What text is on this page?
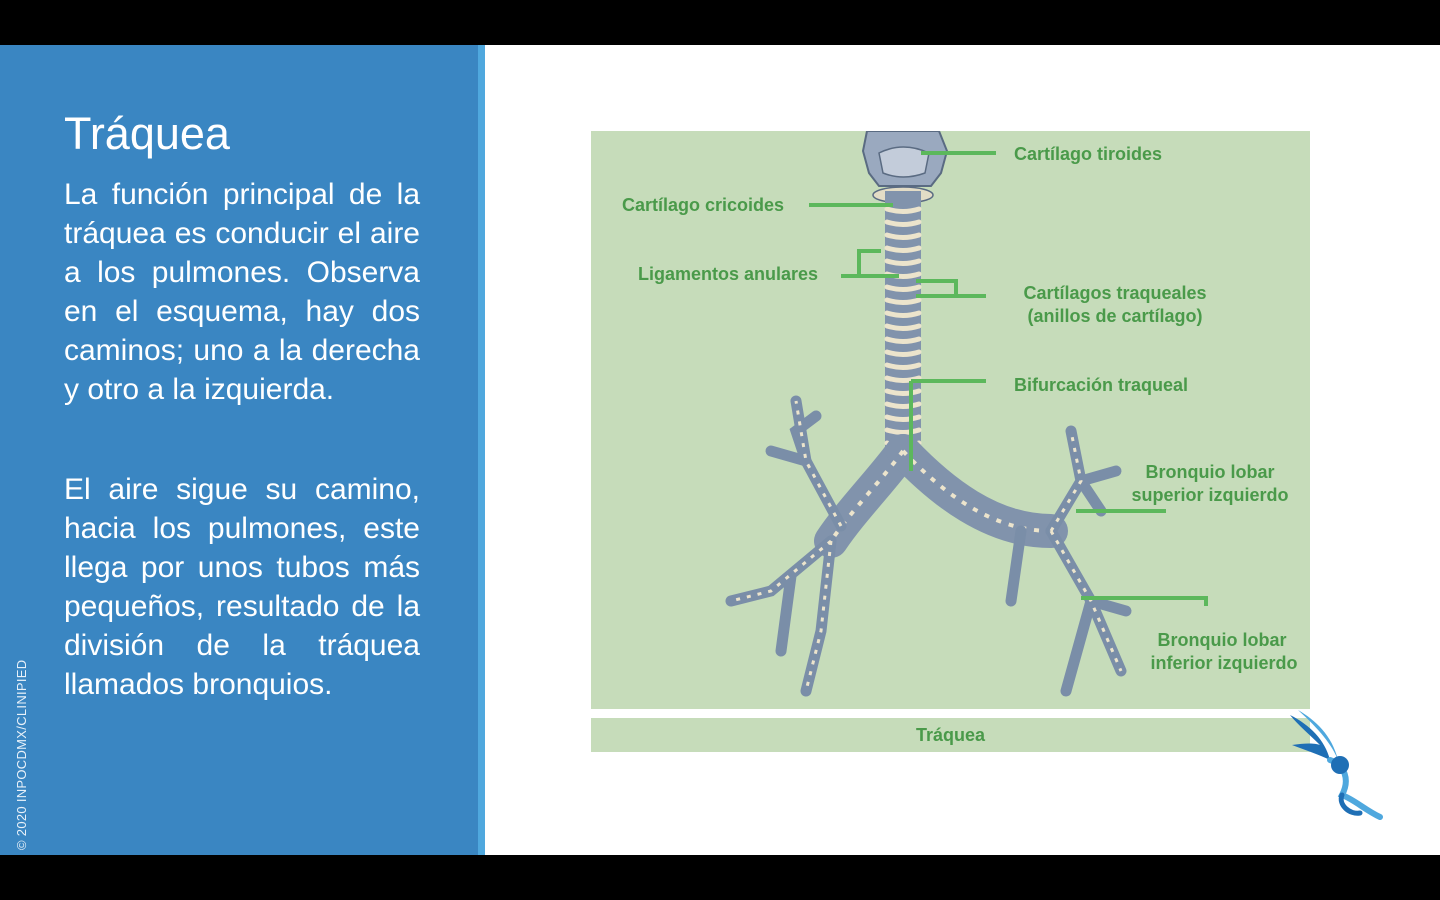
Tráquea

La función principal de la tráquea es conducir el aire a los pulmones. Observa en el esquema, hay dos caminos; uno a la derecha y otro a la izquierda.

El aire sigue su camino, hacia los pulmones, este llega por unos tubos más pequeños, resultado de la división de la tráquea llamados bronquios.

© 2020 INPOCDMX/CLINIPIED
Cartílago tiroides
Cartílago cricoides
Ligamentos anulares
Cartílagos traqueales
(anillos de cartílago)
Bifurcación traqueal
Bronquio lobar
superior izquierdo
Bronquio lobar
inferior izquierdo
Tráquea
